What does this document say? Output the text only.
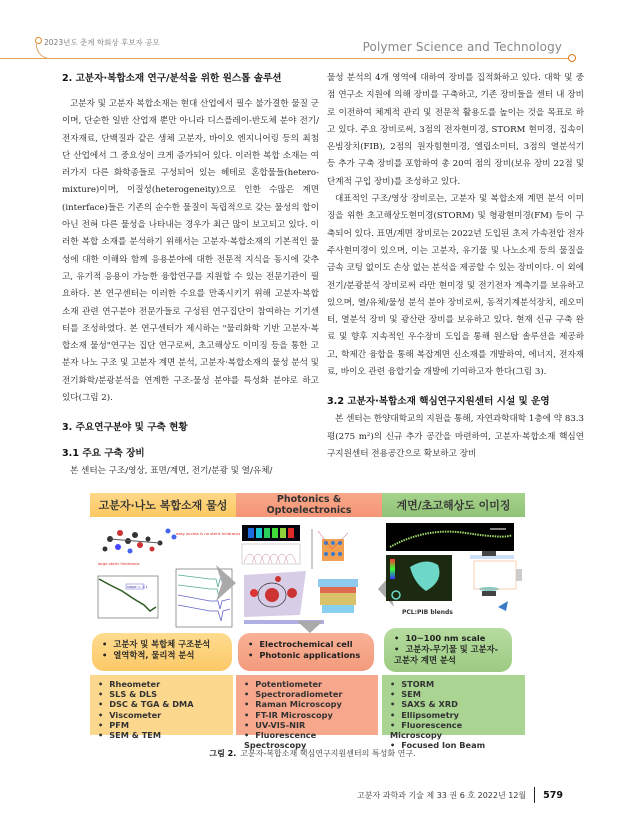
2023년도 춘계 학회상 후보자 공모	Polymer Science and Technology
2. 고분자·복합소재 연구/분석을 위한 원스톱 솔루션

고분자 및 고분자 복합소재는 현대 산업에서 필수 불가결한 물질 군이며, 단순한 일반 산업재 뿐만 아니라 디스플레이-반도체 분야 전기/전자재료, 단백질과 같은 생체 고분자, 바이오 엔지니어링 등의 최첨단 산업에서 그 중요성이 크게 증가되어 있다. 이러한 복합 소재는 여러가지 다른 화학종들로 구성되어 있는 헤테로 혼합물들(hetero-mixture)이며, 이질성(heterogeneity)으로 인한 수많은 계면(interface)들은 기존의 순수한 물질이 독립적으로 갖는 물성의 합이 아닌 전혀 다른 물성을 나타내는 경우가 최근 많이 보고되고 있다. 이러한 복합 소재를 분석하기 위해서는 고분자·복합소재의 기본적인 물성에 대한 이해와 함께 응용분야에 대한 전문적 지식을 동시에 갖추고, 유기적 응용이 가능한 융합연구를 지원할 수 있는 전문기관이 필요하다. 본 연구센터는 이러한 수요를 만족시키기 위해 고분자·복합소재 관련 연구분야 전문가들로 구성된 연구집단이 참여하는 기기센터를 조성하였다. 본 연구센터가 제시하는 "물리화학 기반 고분자·복합소재 물성"연구는 집단 연구로써, 초고해상도 이미징 등을 통한 고분자 나노 구조 및 고분자 계면 분석, 고분자·복합소재의 물성 분석 및 전기화학/분광분석을 연계한 구조-물성 분야를 특성화 분야로 하고 있다(그림 2).

3. 주요연구분야 및 구축 현황
3.1 주요 구축 장비

본 센터는 구조/영상, 표면/계면, 전기/분광 및 열/유체/

물성 분석의 4개 영역에 대하여 장비를 집적화하고 있다. 대학 및 중점 연구소 지원에 의해 장비를 구축하고, 기존 장비들을 센터 내 장비로 이전하여 체계적 관리 및 전문적 활용도를 높이는 것을 목표로 하고 있다. 주요 장비로써, 3점의 전자현미경, STORM 현미경, 집속이온빔장치(FIB), 2점의 원자힘현미경, 엘립소미터, 3점의 열분석기 등 추가 구축 장비를 포함하여 총 20여 점의 장비(보유 장비 22점 및 단계적 구입 장비)를 조성하고 있다.

대표적인 구조/영상 장비로는, 고분자 및 복합소재 계면 분석 이미징을 위한 초고해상도현미경(STORM) 및 형광현미경(FM) 등이 구축되어 있다. 표면/계면 장비로는 2022년 도입된 초저 가속전압 전자주사현미경이 있으며, 이는 고분자, 유기물 및 나노소재 등의 물질을 금속 코팅 없이도 손상 없는 분석을 제공할 수 있는 장비이다. 이 외에 전기/분광분석 장비로써 라만 현미경 및 전기전자 계측기를 보유하고 있으며, 열/유체/물성 분석 분야 장비로써, 동적기계분석장치, 레오미터, 열분석 장비 및 광산란 장비를 보유하고 있다. 현재 신규 구축 완료 및 향후 지속적인 우수장비 도입을 통해 원스탑 솔루션을 제공하고, 학제간 융합을 통해 복잡계면 신소재를 개발하여, 에너지, 전자재료, 바이오 관련 융합기술 개발에 기여하고자 한다(그림 3).

3.2 고분자·복합소재 핵심연구지원센터 시설 및 운영

본 센터는 한양대학교의 지원을 통해, 자연과학대학 1층에 약 83.3평(275 m²)의 신규 추가 공간을 마련하여, 고분자·복합소재 핵심연구지원센터 전용공간으로 확보하고 장비

고분자·나노 복합소재 물성	Photonics & Optoelectronics	계면/초고해상도 이미징
easy access & no steric hindrance
large steric hindrance
slope = 1.1
PCL:PIB blends
• 고분자 및 복합체 구조분석
• 열역학적, 물리적 분석
• Electrochemical cell
• Photonic applications
• 10~100 nm scale
• 고분자-무기물 및 고분자-고분자 계면 분석
• Rheometer
• SLS & DLS
• DSC & TGA & DMA
• Viscometer
• PFM
• SEM & TEM
• Potentiometer
• Spectroradiometer
• Raman Microscopy
• FT-IR Microscopy
• UV-VIS-NIR
• Fluorescence Spectroscopy
• STORM
• SEM
• SAXS & XRD
• Ellipsometry
• Fluorescence Microscopy
• Focused Ion Beam
그림 2. 고분자-복합소재 핵심연구지원센터의 특성화 연구.
고분자 과학과 기술 제 33 권 6 호 2022년 12월 579
